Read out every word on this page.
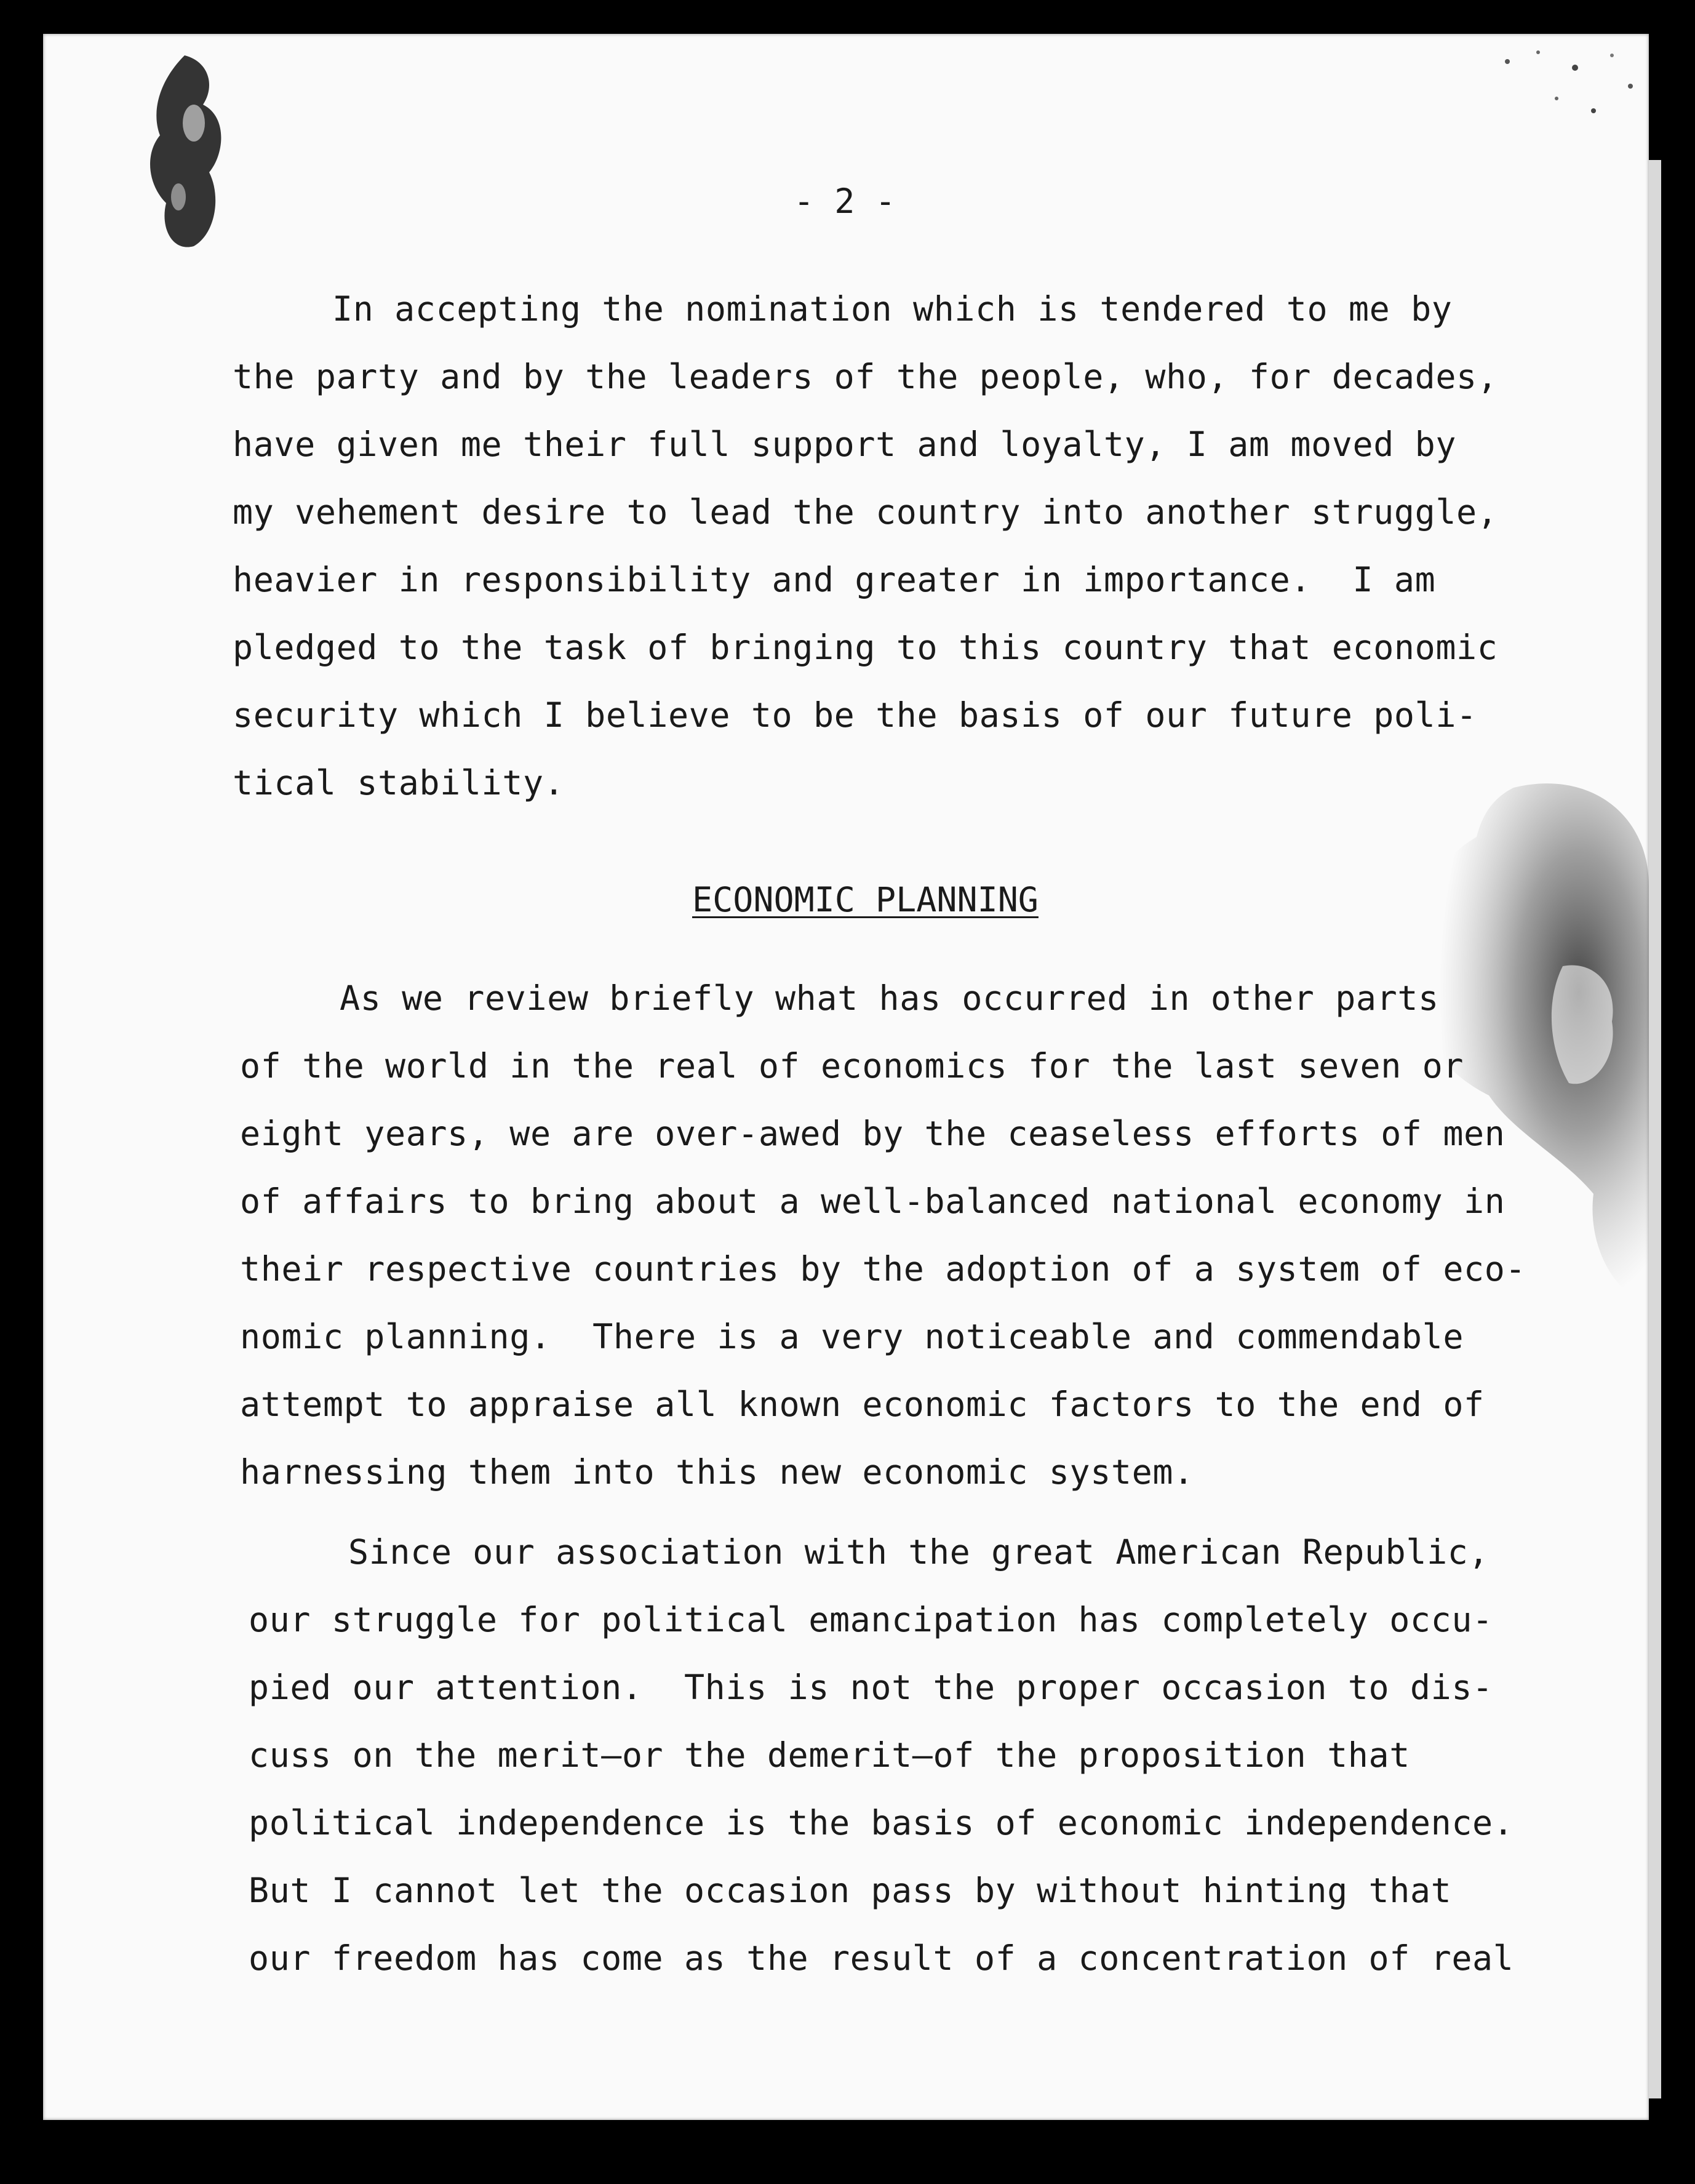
- 2 -

In accepting the nomination which is tendered to me by

the party and by the leaders of the people, who, for decades,

have given me their full support and loyalty, I am moved by

my vehement desire to lead the country into another struggle,

heavier in responsibility and greater in importance.  I am

pledged to the task of bringing to this country that economic

security which I believe to be the basis of our future poli-

tical stability.

ECONOMIC PLANNING

As we review briefly what has occurred in other parts

of the world in the real of economics for the last seven or

eight years, we are over-awed by the ceaseless efforts of men

of affairs to bring about a well-balanced national economy in

their respective countries by the adoption of a system of eco-

nomic planning.  There is a very noticeable and commendable

attempt to appraise all known economic factors to the end of

harnessing them into this new economic system.

Since our association with the great American Republic,

our struggle for political emancipation has completely occu-

pied our attention.  This is not the proper occasion to dis-

cuss on the merit—or the demerit—of the proposition that

political independence is the basis of economic independence.

But I cannot let the occasion pass by without hinting that

our freedom has come as the result of a concentration of real
